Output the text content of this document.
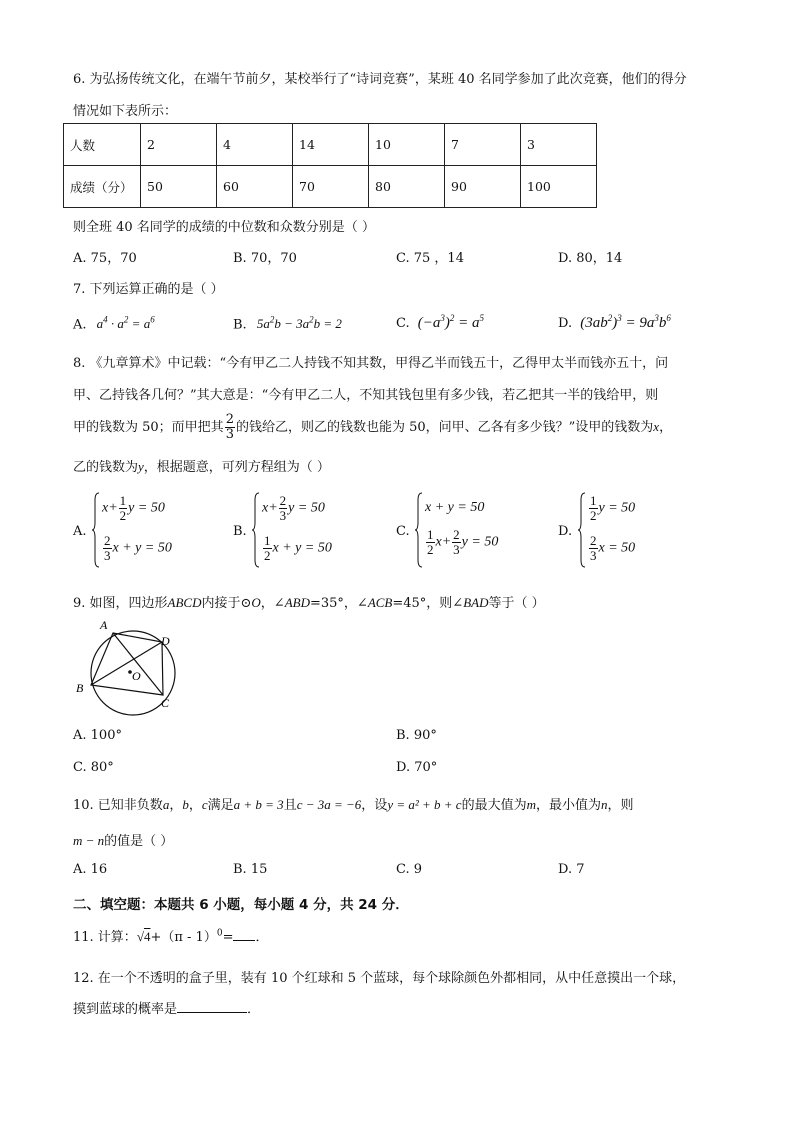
6. 为弘扬传统文化，在端午节前夕，某校举行了“诗词竞赛”，某班 40 名同学参加了此次竞赛，他们的得分
情况如下表所示：
人数	2	4	14	10	7	3
成绩（分）	50	60	70	80	90	100
则全班 40 名同学的成绩的中位数和众数分别是（ ）
A. 75，70	B. 70，70	C. 75 ，14	D. 80，14
7. 下列运算正确的是（ ）
A. $a^4 \cdot a^2 = a^6$	B. $5a^2b - 3a^2b = 2$	C. $(-a^3)^2 = a^5$	D. $(3ab^2)^3 = 9a^3b^6$
8. 《九章算术》中记载：“今有甲乙二人持钱不知其数，甲得乙半而钱五十，乙得甲太半而钱亦五十，问
甲、乙持钱各几何？”其大意是：“今有甲乙二人，不知其钱包里有多少钱，若乙把其一半的钱给甲，则
甲的钱数为 50；而甲把其 $\frac{2}{3}$ 的钱给乙，则乙的钱数也能为 50，问甲、乙各有多少钱？”设甲的钱数为x，
乙的钱数为y，根据题意，可列方程组为（ ）
A.
$x+ \frac{1}{2}$ y = 50
$\frac{2}{3}$ x + y = 50
B.
$x+ \frac{2}{3}$ y = 50
$\frac{1}{2}$ x + y = 50
C.
x + y = 50
$\frac{1}{2} x+ \frac{2}{3}$ y = 50
D.
$\frac{1}{2}$ y = 50
$\frac{2}{3}$ x = 50
9. 如图，四边形ABCD内接于⊙O，∠ABD=35°，∠ACB=45°，则∠BAD等于（ ）
A
D
B
C
O
A. 100°	B. 90°
C. 80°	D. 70°
10. 已知非负数a，b，c满足a + b = 3且c − 3a = −6，设y = a² + b + c的最大值为m，最小值为n，则
m − n的值是（ ）
A. 16	B. 15	C. 9	D. 7
二、填空题：本题共 6 小题，每小题 4 分，共 24 分．
11. 计算：√4+（π - 1）$^0$= ．
12. 在一个不透明的盒子里，装有 10 个红球和 5 个蓝球，每个球除颜色外都相同，从中任意摸出一个球，
摸到蓝球的概率是	．
